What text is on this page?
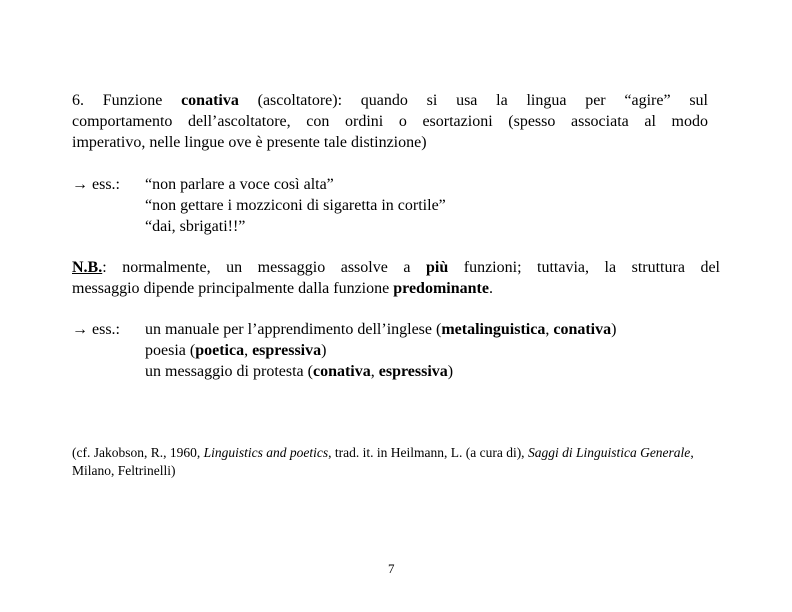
6. Funzione conativa (ascoltatore): quando si usa la lingua per “agire” sul
comportamento dell’ascoltatore, con ordini o esortazioni (spesso associata al modo
imperativo, nelle lingue ove è presente tale distinzione)
→ ess.: “non parlare a voce così alta”
“non gettare i mozziconi di sigaretta in cortile”
“dai, sbrigati!!”
N.B.: normalmente, un messaggio assolve a più funzioni; tuttavia, la struttura del
messaggio dipende principalmente dalla funzione predominante.
→ ess.: un manuale per l’apprendimento dell’inglese (metalinguistica, conativa)
poesia (poetica, espressiva)
un messaggio di protesta (conativa, espressiva)
(cf. Jakobson, R., 1960, Linguistics and poetics, trad. it. in Heilmann, L. (a cura di), Saggi di Linguistica Generale,
Milano, Feltrinelli)
7
